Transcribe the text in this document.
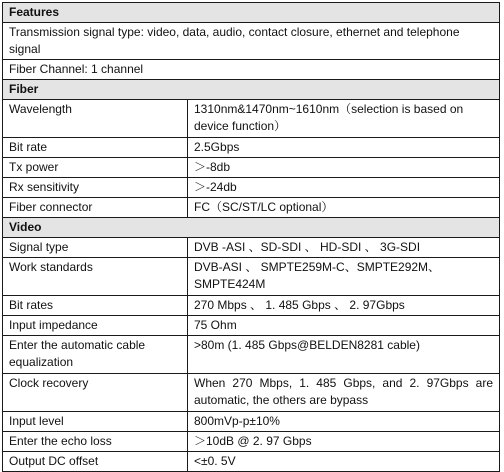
Features	
Transmission signal type: video, data, audio, contact closure, ethernet and telephone signal	
Fiber Channel: 1 channel	
Fiber	
Wavelength	1310nm&1470nm~1610nm（selection is based on device function）
Bit rate	2.5Gbps
Tx power	＞-8db
Rx sensitivity	＞-24db
Fiber connector	FC（SC/ST/LC optional）
Video	
Signal type	DVB -ASI 、SD-SDI 、 HD-SDI 、 3G-SDI
Work standards	DVB-ASI 、 SMPTE259M-C、SMPTE292M、SMPTE424M
Bit rates	270 Mbps 、 1. 485 Gbps 、 2. 97Gbps
Input impedance	75 Ohm
Enter the automatic cable equalization	>80m (1. 485 Gbps@BELDEN8281 cable)
Clock recovery	When 270 Mbps, 1. 485 Gbps, and 2. 97Gbps are automatic, the others are bypass
Input level	800mVp-p±10%
Enter the echo loss	＞10dB @ 2. 97 Gbps
Output DC offset	<±0. 5V
